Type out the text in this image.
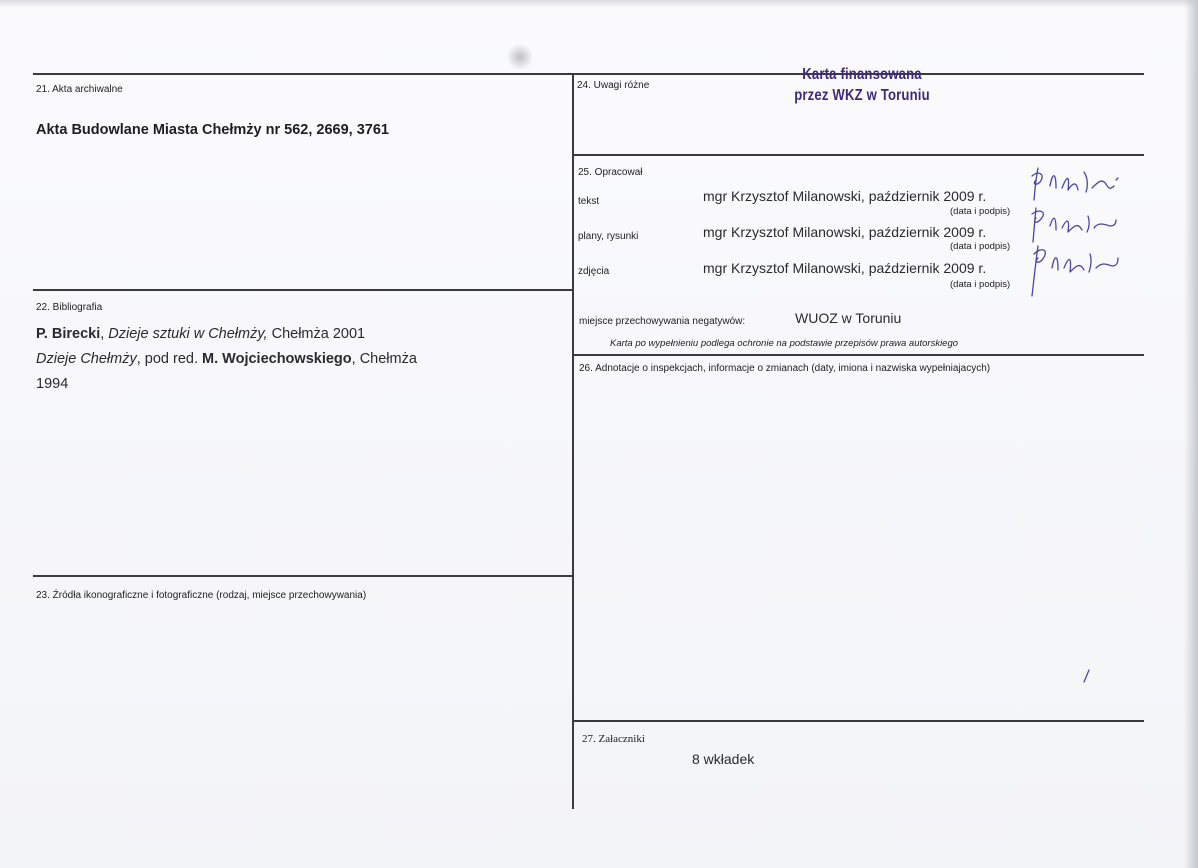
21. Akta archiwalne
Akta Budowlane Miasta Chełmży nr 562, 2669, 3761
22. Bibliografia
P. Birecki, Dzieje sztuki w Chełmży, Chełmża 2001
Dzieje Chełmży, pod red. M. Wojciechowskiego, Chełmża
1994
23. Źródła ikonograficzne i fotograficzne (rodzaj, miejsce przechowywania)
24. Uwagi różne
Karta finansowana
przez WKZ w Toruniu
25. Opracował
tekst	mgr Krzysztof Milanowski, październik 2009 r.
(data i podpis)
plany, rysunki	mgr Krzysztof Milanowski, październik 2009 r.
(data i podpis)
zdjęcia	mgr Krzysztof Milanowski, październik 2009 r.
(data i podpis)
miejsce przechowywania negatywów:	WUOZ w Toruniu
Karta po wypełnieniu podlega ochronie na podstawie przepisów prawa autorskiego
26. Adnotacje o inspekcjach, informacje o zmianach (daty, imiona i nazwiska wypełniajacych)
27. Załaczniki
8 wkładek
